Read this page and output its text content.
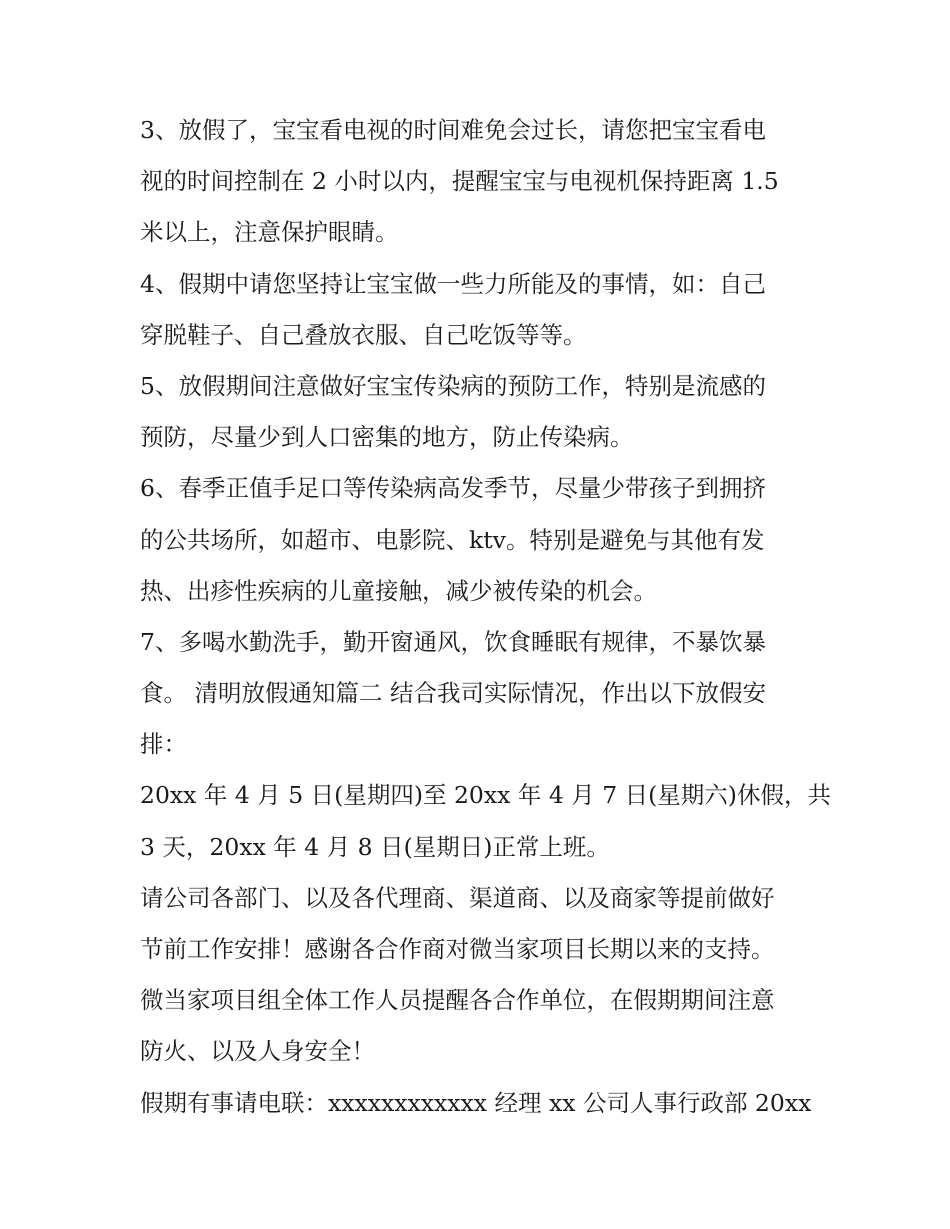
3、放假了，宝宝看电视的时间难免会过长，请您把宝宝看电
视的时间控制在 2 小时以内，提醒宝宝与电视机保持距离 1.5
米以上，注意保护眼睛。
4、假期中请您坚持让宝宝做一些力所能及的事情，如：自己
穿脱鞋子、自己叠放衣服、自己吃饭等等。
5、放假期间注意做好宝宝传染病的预防工作，特别是流感的
预防，尽量少到人口密集的地方，防止传染病。
6、春季正值手足口等传染病高发季节，尽量少带孩子到拥挤
的公共场所，如超市、电影院、ktv。特别是避免与其他有发
热、出疹性疾病的儿童接触，减少被传染的机会。
7、多喝水勤洗手，勤开窗通风，饮食睡眠有规律，不暴饮暴
食。 清明放假通知篇二 结合我司实际情况，作出以下放假安
排：
20xx 年 4 月 5 日(星期四)至 20xx 年 4 月 7 日(星期六)休假，共
3 天，20xx 年 4 月 8 日(星期日)正常上班。
请公司各部门、以及各代理商、渠道商、以及商家等提前做好
节前工作安排！感谢各合作商对微当家项目长期以来的支持。
微当家项目组全体工作人员提醒各合作单位，在假期期间注意
防火、以及人身安全！
假期有事请电联：xxxxxxxxxxxx 经理 xx 公司人事行政部 20xx
